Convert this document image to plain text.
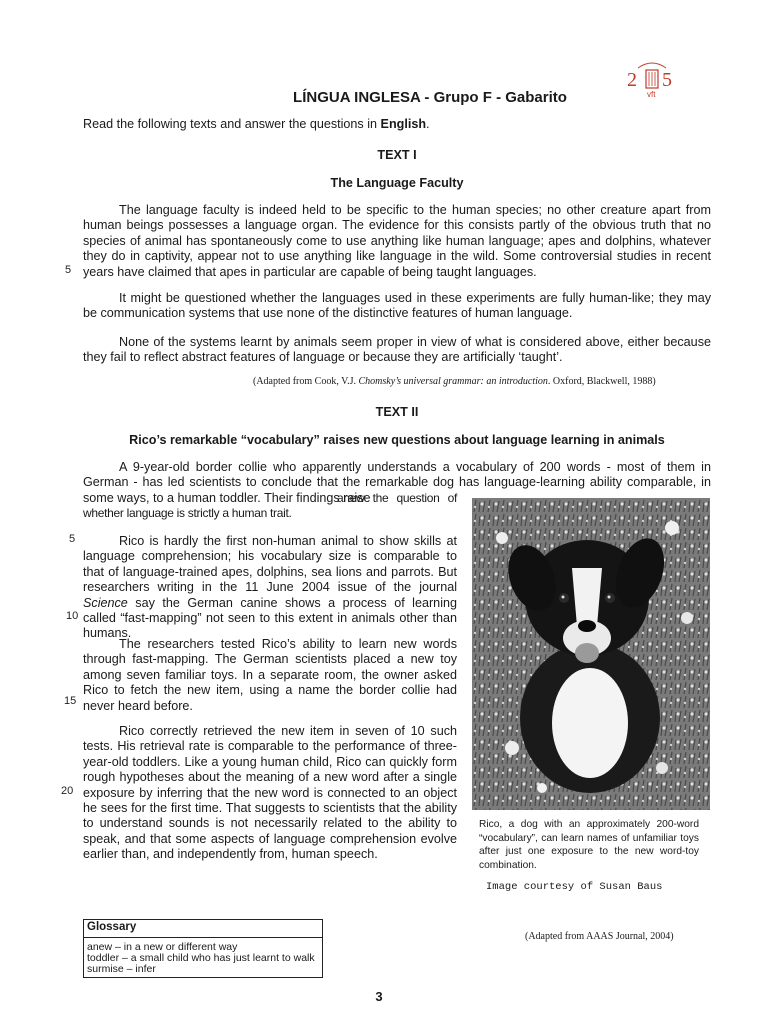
2 5
vft
LÍNGUA INGLESA - Grupo F - Gabarito
Read the following texts and answer the questions in English.
TEXT I
The Language Faculty
The language faculty is indeed held to be specific to the human species; no other creature apart from human beings possesses a language organ. The evidence for this consists partly of the obvious truth that no species of animal has spontaneously come to use anything like human language; apes and dolphins, whatever they do in captivity, appear not to use anything like language in the wild. Some controversial studies in recent years have claimed that apes in particular are capable of being taught languages.
5
It might be questioned whether the languages used in these experiments are fully human-like; they may be communication systems that use none of the distinctive features of human language.
None of the systems learnt by animals seem proper in view of what is considered above, either because they fail to reflect abstract features of language or because they are artificially ‘taught’.
(Adapted from Cook, V.J. Chomsky’s universal grammar: an introduction. Oxford, Blackwell, 1988)
TEXT II
Rico’s remarkable “vocabulary” raises new questions about language learning in animals
A 9-year-old border collie who apparently understands a vocabulary of 200 words - most of them in German - has led scientists to conclude that the remarkable dog has language-learning ability comparable, in some ways, to a human toddler. Their findings raise
anew the question of whether language is strictly a human trait.
Rico is hardly the first non-human animal to show skills at language comprehension; his vocabulary size is comparable to that of language-trained apes, dolphins, sea lions and parrots. But researchers writing in the 11 June 2004 issue of the journal Science say the German canine shows a process of learning called “fast-mapping” not seen to this extent in animals other than humans.
5
10
The researchers tested Rico’s ability to learn new words through fast-mapping. The German scientists placed a new toy among seven familiar toys. In a separate room, the owner asked Rico to fetch the new item, using a name the border collie had never heard before.
15
Rico correctly retrieved the new item in seven of 10 such tests. His retrieval rate is comparable to the performance of three-year-old toddlers. Like a young human child, Rico can quickly form rough hypotheses about the meaning of a new word after a single exposure by inferring that the new word is connected to an object he sees for the first time. That suggests to scientists that the ability to understand sounds is not necessarily related to the ability to speak, and that some aspects of language comprehension evolve earlier than, and independently from, human speech.
20
Rico, a dog with an approximately 200-word “vocabulary”, can learn names of unfamiliar toys after just one exposure to the new word-toy combination.
Image courtesy of Susan Baus
(Adapted from AAAS Journal, 2004)
Glossary
anew – in a new or different way
toddler – a small child who has just learnt to walk
surmise – infer
3
